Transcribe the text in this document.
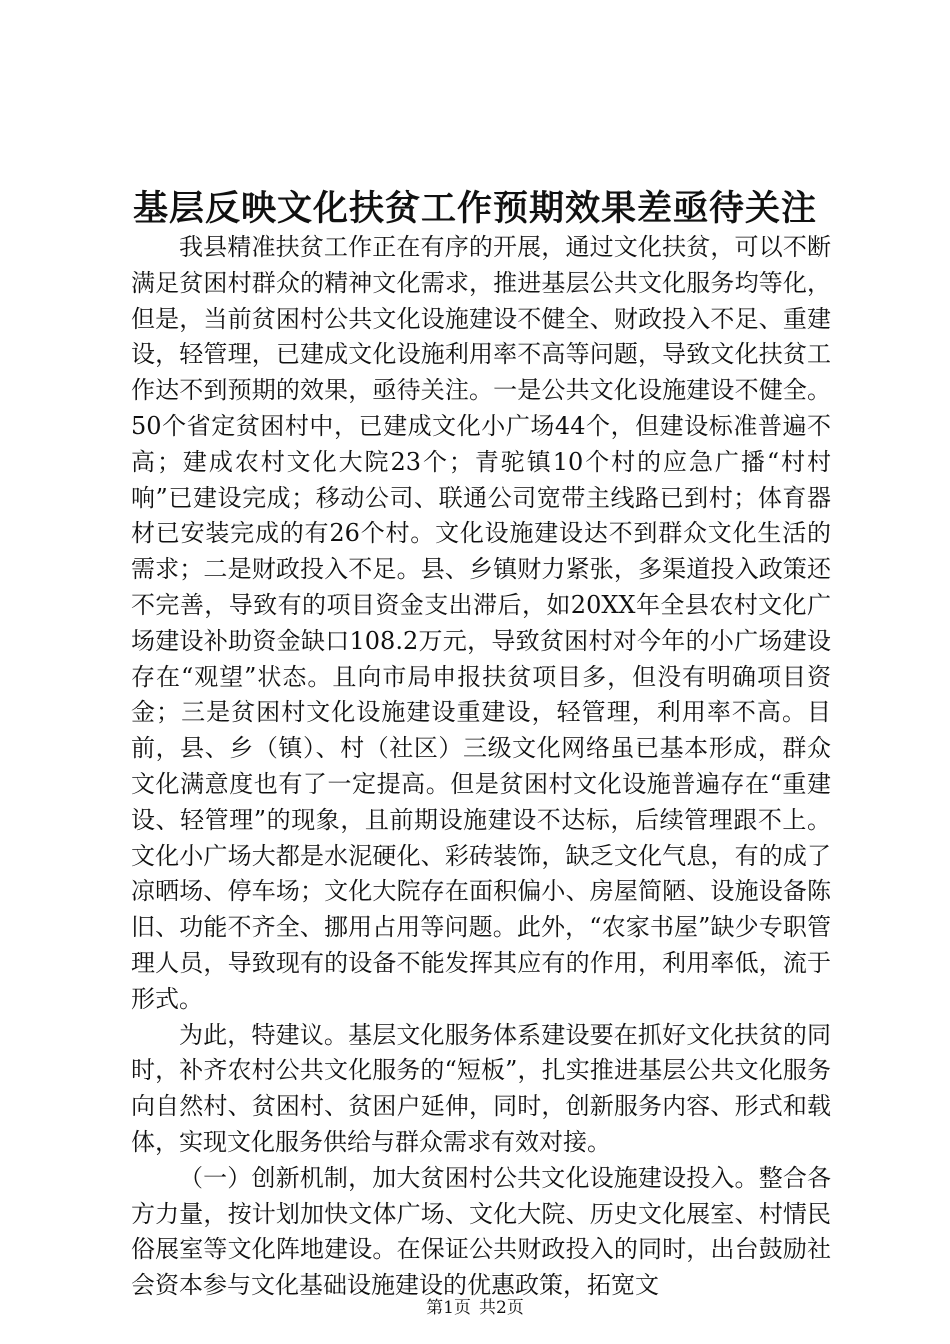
基层反映文化扶贫工作预期效果差亟待关注

我县精准扶贫工作正在有序的开展，通过文化扶贫，可以不断满足贫困村群众的精神文化需求，推进基层公共文化服务均等化，但是，当前贫困村公共文化设施建设不健全、财政投入不足、重建设，轻管理，已建成文化设施利用率不高等问题，导致文化扶贫工作达不到预期的效果，亟待关注。一是公共文化设施建设不健全。50个省定贫困村中，已建成文化小广场44个，但建设标准普遍不高；建成农村文化大院23个；青驼镇10个村的应急广播“村村响”已建设完成；移动公司、联通公司宽带主线路已到村；体育器材已安装完成的有26个村。文化设施建设达不到群众文化生活的需求；二是财政投入不足。县、乡镇财力紧张，多渠道投入政策还不完善，导致有的项目资金支出滞后，如20XX年全县农村文化广场建设补助资金缺口108.2万元，导致贫困村对今年的小广场建设存在“观望”状态。且向市局申报扶贫项目多，但没有明确项目资金；三是贫困村文化设施建设重建设，轻管理，利用率不高。目前，县、乡（镇）、村（社区）三级文化网络虽已基本形成，群众文化满意度也有了一定提高。但是贫困村文化设施普遍存在“重建设、轻管理”的现象，且前期设施建设不达标，后续管理跟不上。文化小广场大都是水泥硬化、彩砖装饰，缺乏文化气息，有的成了凉晒场、停车场；文化大院存在面积偏小、房屋简陋、设施设备陈旧、功能不齐全、挪用占用等问题。此外，“农家书屋”缺少专职管理人员，导致现有的设备不能发挥其应有的作用，利用率低，流于形式。

为此，特建议。基层文化服务体系建设要在抓好文化扶贫的同时，补齐农村公共文化服务的“短板”，扎实推进基层公共文化服务向自然村、贫困村、贫困户延伸，同时，创新服务内容、形式和载体，实现文化服务供给与群众需求有效对接。

（一）创新机制，加大贫困村公共文化设施建设投入。整合各方力量，按计划加快文体广场、文化大院、历史文化展室、村情民俗展室等文化阵地建设。在保证公共财政投入的同时，出台鼓励社会资本参与文化基础设施建设的优惠政策，拓宽文

第1页 共2页
